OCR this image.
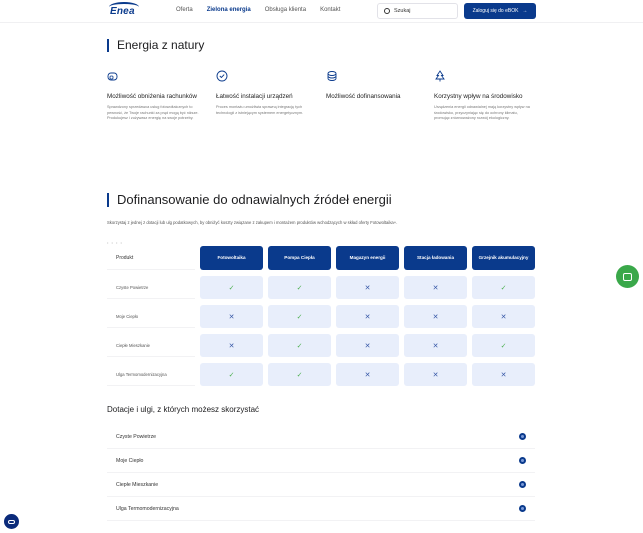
Enea	Oferta Zielona energia Obsługa klienta Kontakt	Szukaj	Zaloguj się do eBOK →
Energia z natury
Możliwość obniżenia rachunków
Sprawdzony sprzedawca usług fotowoltaicznych to pewność, że Twoje rachunki za prąd mogą być niższe. Produkujesz i zużywasz energię na swoje potrzeby.
Łatwość instalacji urządzeń
Proces montażu umożliwia sprawną integrację tych technologii z istniejącym systemem energetycznym.
Możliwość dofinansowania	Korzystny wpływ na środowisko
Urządzenia energii odnawialnej mają korzystny wpływ na środowisko, przyczyniając się do ochrony klimatu, promując zrównoważony rozwój ekologiczny.
Dofinansowanie do odnawialnych źródeł energii
Skorzystaj z jednej z dotacji lub ulg podatkowych, by obniżyć koszty związane z zakupem i montażem produktów wchodzących w skład oferty Fotowoltaika+.
• • • •
Produkt	Fotowoltaika	Pompa Ciepła	Magazyn energii	Stacja ładowania	Grzejnik akumulacyjny
Czyste Powietrze	✓	✓	✕	✕	✓
Moje Ciepło	✕	✓	✕	✕	✕
Ciepłe Mieszkanie	✕	✓	✕	✕	✓
Ulga Termomodernizacyjna	✓	✓	✕	✕	✕
Dotacje i ulgi, z których możesz skorzystać
Czyste Powietrze
Moje Ciepło
Ciepłe Mieszkanie
Ulga Termomodernizacyjna
